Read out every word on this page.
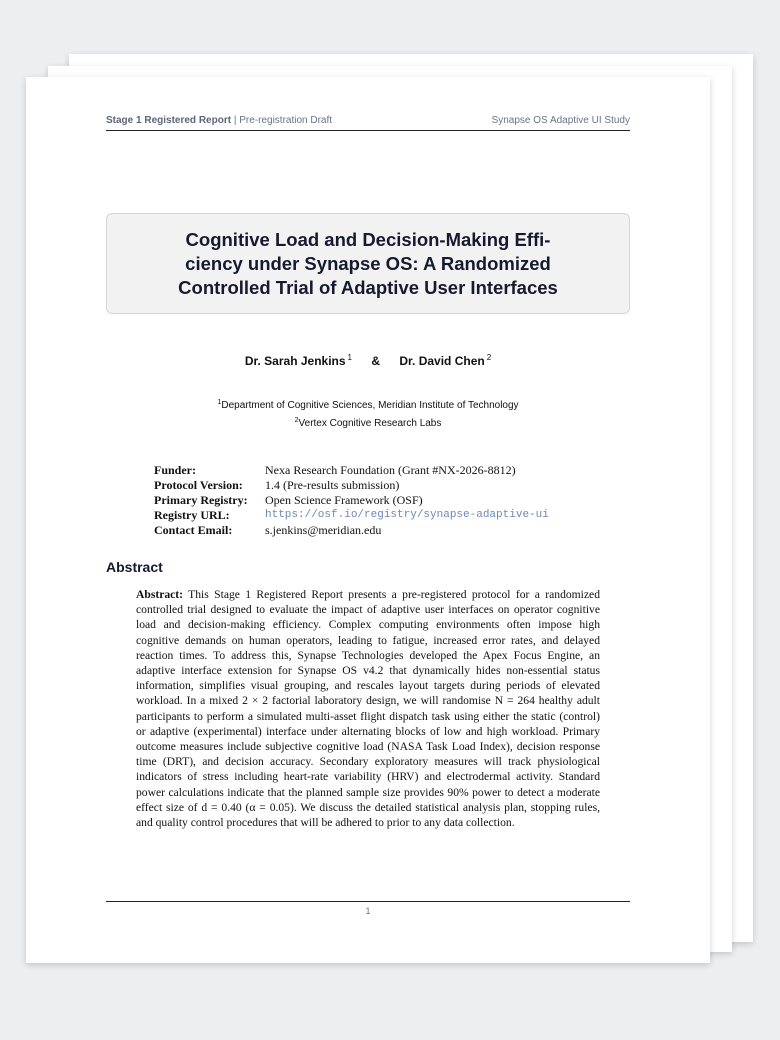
Stage 1 Registered Report | Pre-registration Draft	Synapse OS Adaptive UI Study
Cognitive Load and Decision-Making Effi-ciency under Synapse OS: A Randomized Controlled Trial of Adaptive User Interfaces
Dr. Sarah Jenkins $^1$ & Dr. David Chen $^2$
$^1$Department of Cognitive Sciences, Meridian Institute of Technology
$^2$Vertex Cognitive Research Labs
Funder:	Nexa Research Foundation (Grant #NX-2026-8812)
Protocol Version:	1.4 (Pre-results submission)
Primary Registry:	Open Science Framework (OSF)
Registry URL:	https://osf.io/registry/synapse-adaptive-ui
Contact Email:	s.jenkins@meridian.edu
Abstract
Abstract: This Stage 1 Registered Report presents a pre-registered protocol for a randomized controlled trial designed to evaluate the impact of adaptive user interfaces on operator cognitive load and decision-making efficiency. Complex computing environments often impose high cognitive demands on human operators, leading to fatigue, increased error rates, and delayed reaction times. To address this, Synapse Technologies developed the Apex Focus Engine, an adaptive interface extension for Synapse OS v4.2 that dynamically hides non-essential status information, simplifies visual grouping, and rescales layout targets during periods of elevated workload. In a mixed 2 × 2 factorial laboratory design, we will randomise N = 264 healthy adult participants to perform a simulated multi-asset flight dispatch task using either the static (control) or adaptive (experimental) interface under alternating blocks of low and high workload. Primary outcome measures include subjective cognitive load (NASA Task Load Index), decision response time (DRT), and decision accuracy. Secondary exploratory measures will track physiological indicators of stress including heart-rate variability (HRV) and electrodermal activity. Standard power calculations indicate that the planned sample size provides 90% power to detect a moderate effect size of d = 0.40 (α = 0.05). We discuss the detailed statistical analysis plan, stopping rules, and quality control procedures that will be adhered to prior to any data collection.
1
